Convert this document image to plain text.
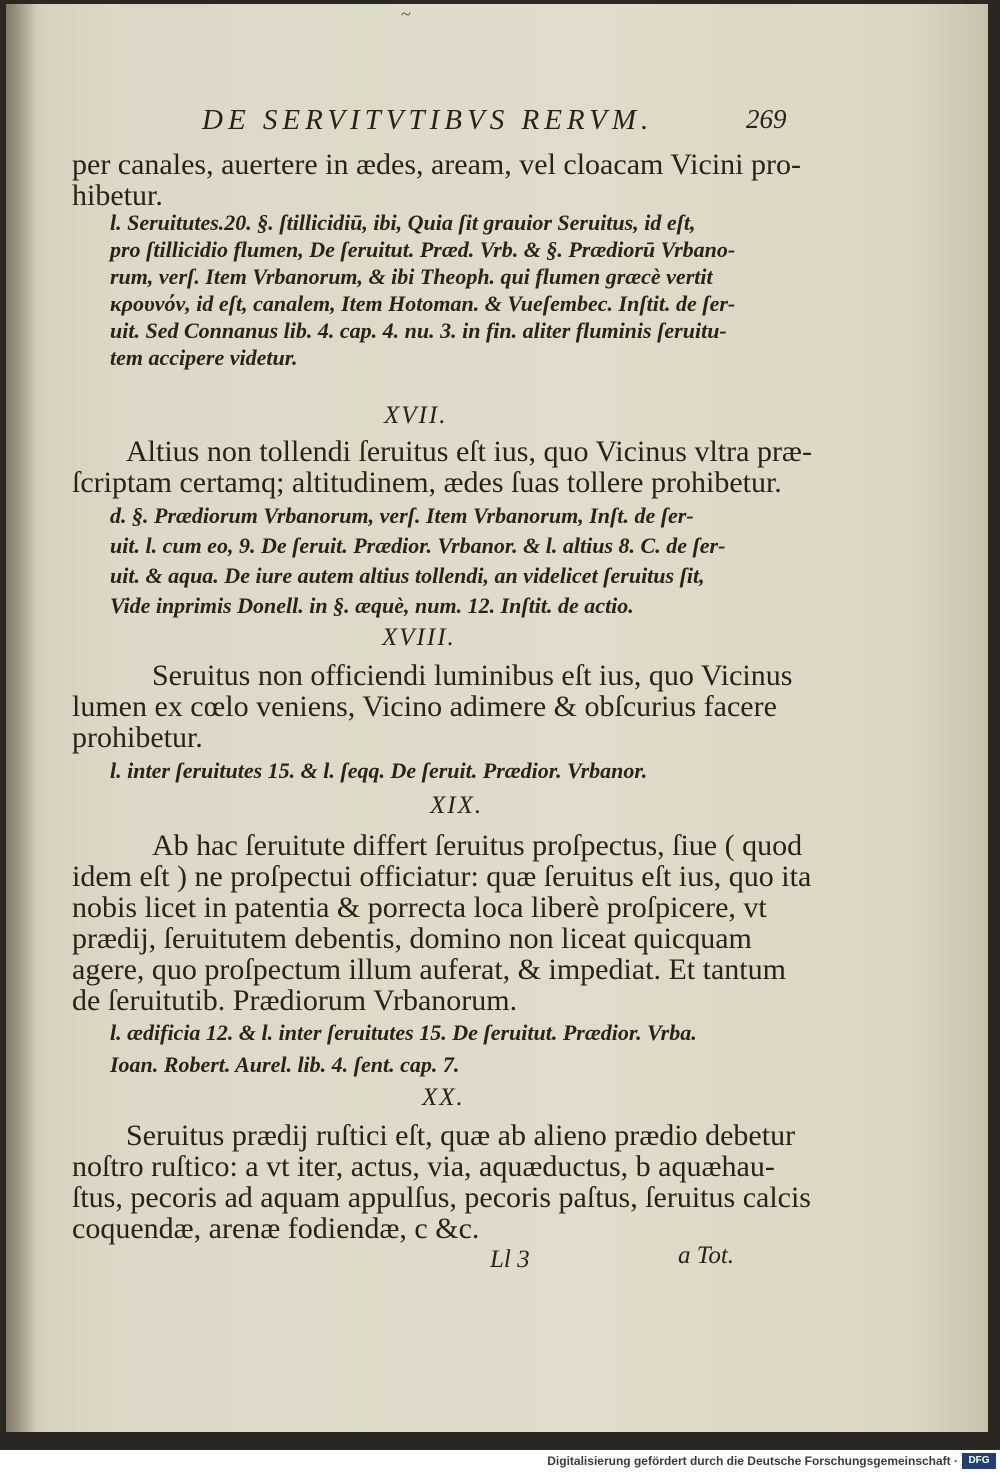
DE SERVITVTIBVS RERVM.	269
~
per canales, auertere in ædes, aream, vel cloacam Vicini pro-
hibetur.
l. Seruitutes.20. §. ſtillicidiū, ibi, Quia ſit grauior Seruitus, id eſt,
pro ſtillicidio flumen, De ſeruitut. Præd. Vrb. & §. Prædiorū Vrbano-
rum, verſ. Item Vrbanorum, & ibi Theoph. qui flumen græcè vertit
κρουνόν, id eſt, canalem, Item Hotoman. & Vueſembec. Inſtit. de ſer-
uit. Sed Connanus lib. 4. cap. 4. nu. 3. in fin. aliter fluminis ſeruitu-
tem accipere videtur.
XVII.
Altius non tollendi ſeruitus eſt ius, quo Vicinus vltra præ-
ſcriptam certamq; altitudinem, ædes ſuas tollere prohibetur.
d. §. Prædiorum Vrbanorum, verſ. Item Vrbanorum, Inſt. de ſer-
uit. l. cum eo, 9. De ſeruit. Prædior. Vrbanor. & l. altius 8. C. de ſer-
uit. & aqua. De iure autem altius tollendi, an videlicet ſeruitus ſit,
Vide inprimis Donell. in §. æquè, num. 12. Inſtit. de actio.
XVIII.
Seruitus non officiendi luminibus eſt ius, quo Vicinus
lumen ex cœlo veniens, Vicino adimere & obſcurius facere
prohibetur.
l. inter ſeruitutes 15. & l. ſeqq. De ſeruit. Prædior. Vrbanor.
XIX.
Ab hac ſeruitute differt ſeruitus proſpectus, ſiue ( quod
idem eſt ) ne proſpectui officiatur: quæ ſeruitus eſt ius, quo ita
nobis licet in patentia & porrecta loca liberè proſpicere, vt
prædij, ſeruitutem debentis, domino non liceat quicquam
agere, quo proſpectum illum auferat, & impediat. Et tantum
de ſeruitutib. Prædiorum Vrbanorum.
l. ædificia 12. & l. inter ſeruitutes 15. De ſeruitut. Prædior. Vrba.
Ioan. Robert. Aurel. lib. 4. ſent. cap. 7.
XX.
Seruitus prædij ruſtici eſt, quæ ab alieno prædio debetur
noſtro ruſtico: a vt iter, actus, via, aquæductus, b aquæhau-
ſtus, pecoris ad aquam appulſus, pecoris paſtus, ſeruitus calcis
coquendæ, arenæ fodiendæ, c &c.
Ll 3	a Tot.
Digitalisierung gefördert durch die Deutsche Forschungsgemeinschaft ·	DFG
